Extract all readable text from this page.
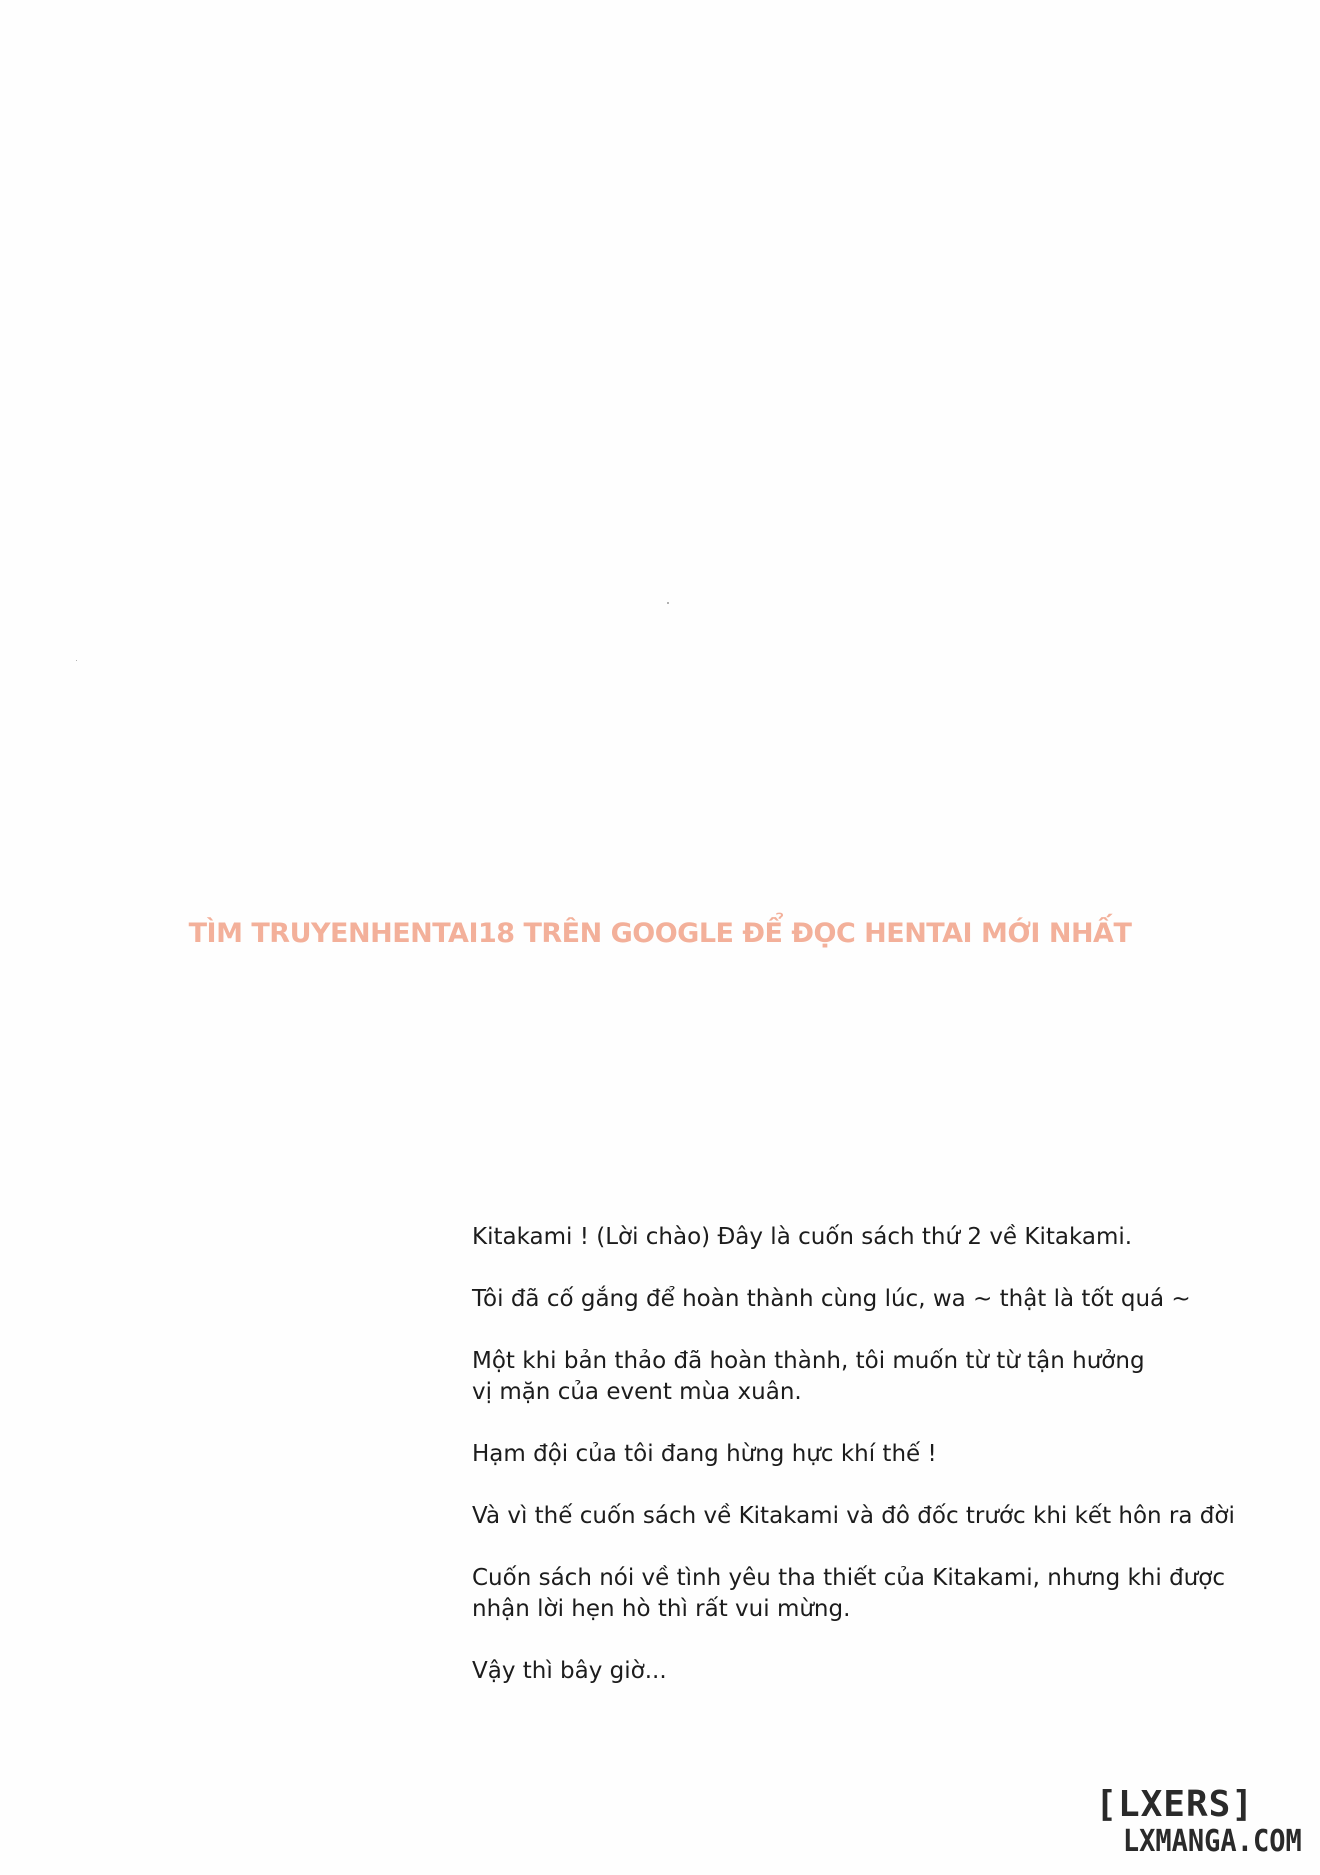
TÌM TRUYENHENTAI18 TRÊN GOOGLE ĐỂ ĐỌC HENTAI MỚI NHẤT

Kitakami ! (Lời chào) Đây là cuốn sách thứ 2 về Kitakami.

Tôi đã cố gắng để hoàn thành cùng lúc, wa ~ thật là tốt quá ~

Một khi bản thảo đã hoàn thành, tôi muốn từ từ tận hưởng
vị mặn của event mùa xuân.

Hạm đội của tôi đang hừng hực khí thế !

Và vì thế cuốn sách về Kitakami và đô đốc trước khi kết hôn ra đời

Cuốn sách nói về tình yêu tha thiết của Kitakami, nhưng khi được
nhận lời hẹn hò thì rất vui mừng.

Vậy thì bây giờ...

[LXERS]
LXMANGA.COM
